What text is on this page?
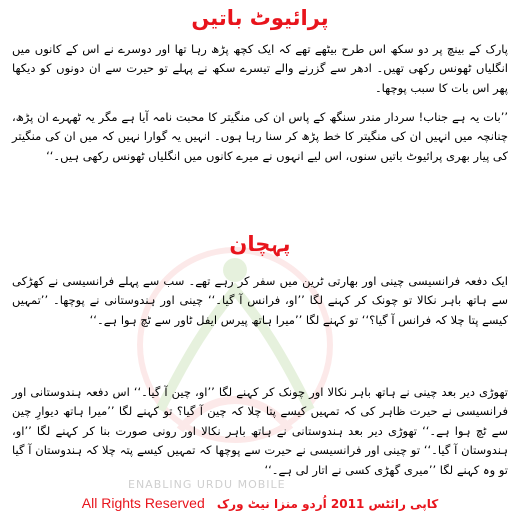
پرائیوٹ باتیں

پارک کے بینچ پر دو سکھ اس طرح بیٹھے تھے کہ ایک کچھ پڑھ رہا تھا اور دوسرے نے اس کے کانوں میں انگلیاں ٹھونس رکھی تھیں۔ ادھر سے گزرنے والے تیسرے سکھ نے پہلے تو حیرت سے ان دونوں کو دیکھا پھر اس بات کا سبب پوچھا۔

’’بات یہ ہے جناب! سردار مندر سنگھ کے پاس ان کی منگیتر کا محبت نامہ آیا ہے مگر یہ ٹھہرے ان پڑھ، چنانچہ میں انہیں ان کی منگیتر کا خط پڑھ کر سنا رہا ہوں۔ انہیں یہ گوارا نہیں کہ میں ان کی منگیتر کی پیار بھری پرائیوٹ باتیں سنوں، اس لیے انہوں نے میرے کانوں میں انگلیاں ٹھونس رکھی ہیں۔‘‘

پہچان

ایک دفعہ فرانسیسی چینی اور بھارتی ٹرین میں سفر کر رہے تھے۔ سب سے پہلے فرانسیسی نے کھڑکی سے ہاتھ باہر نکالا تو چونک کر کہنے لگا ’’او، فرانس آ گیا۔‘‘ چینی اور ہندوستانی نے پوچھا۔ ’’تمہیں کیسے پتا چلا کہ فرانس آ گیا؟‘‘ تو کہنے لگا ’’میرا ہاتھ پیرس ایفل ٹاور سے ٹچ ہوا ہے۔‘‘

تھوڑی دیر بعد چینی نے ہاتھ باہر نکالا اور چونک کر کہنے لگا ’’او، چین آ گیا۔‘‘ اس دفعہ ہندوستانی اور فرانسیسی نے حیرت ظاہر کی کہ تمہیں کیسے پتا چلا کہ چین آ گیا؟ تو کہنے لگا ’’میرا ہاتھ دیوارِ چین سے ٹچ ہوا ہے۔‘‘ تھوڑی دیر بعد ہندوستانی نے ہاتھ باہر نکالا اور رونی صورت بنا کر کہنے لگا ’’او، ہندوستان آ گیا۔‘‘ تو چینی اور فرانسیسی نے حیرت سے پوچھا کہ تمہیں کیسے پتہ چلا کہ ہندوستان آ گیا تو وہ کہنے لگا ’’میری گھڑی کسی نے اتار لی ہے۔‘‘

ENABLING URDU MOBILE
All Rights Reserved کاپی رائٹس 2011 اُردو منزا نیٹ ورک
